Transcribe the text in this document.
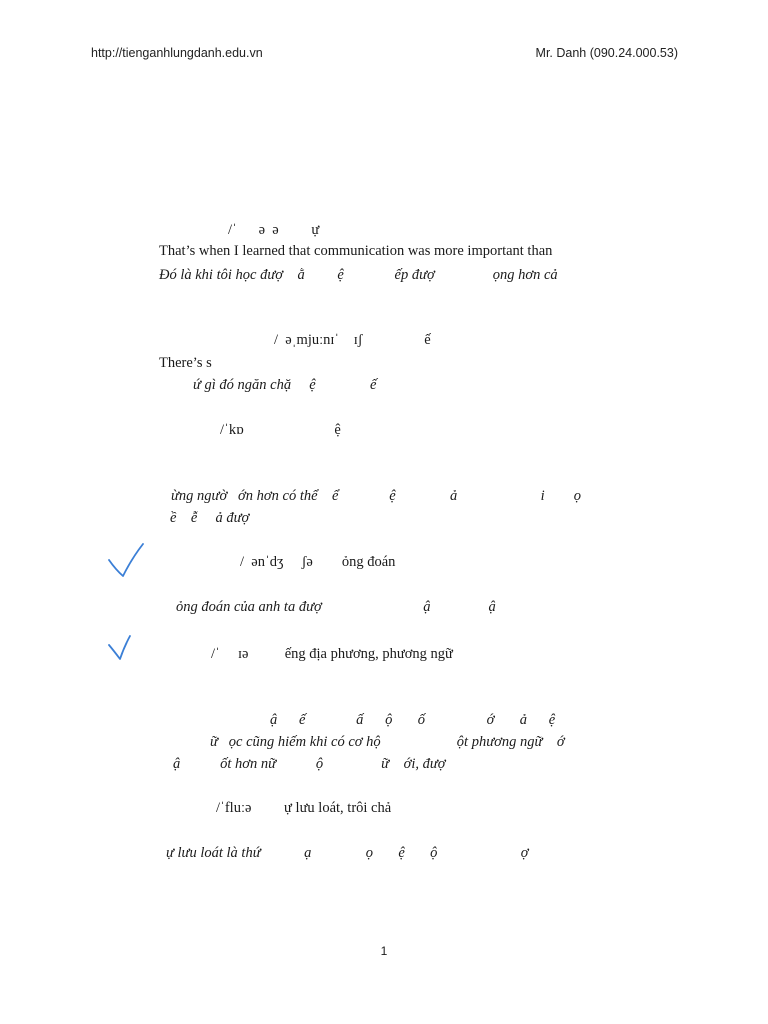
http://tienganhlungdanh.edu.vn	Mr. Danh (090.24.000.53)
/ˈ      ə  ə         ự
That’s when I learned that communication was more important than
Đó là khi tôi học đượ    ằ         ệ              ếp đượ                ọng hơn cả
/  əˌmjuːnɪˈ    ɪʃ                 ế
There’s s
ứ gì đó ngăn chặ     ệ               ế
/ˈkɒ                         ệ
ừng ngườ   ớn hơn có thể    ể              ệ               ả                       i        ọ
ề    ễ     ả đượ
/  ənˈdʒ     ʃə        ỏng đoán
ỏng đoán của anh ta đượ                            ậ                ậ
/ˈ     ɪə          ếng địa phương, phương ngữ
ậ      ế              ấ      ộ       ố                 ớ       ả      ệ
ữ   ọc cũng hiếm khi có cơ hộ                     ột phương ngữ    ớ
ậ           ốt hơn nữ           ộ                ữ    ới, đượ
/ˈfluːə         ự lưu loát, trôi chả
ự lưu loát là thứ            ạ               ọ       ệ       ộ                       ợ
1
